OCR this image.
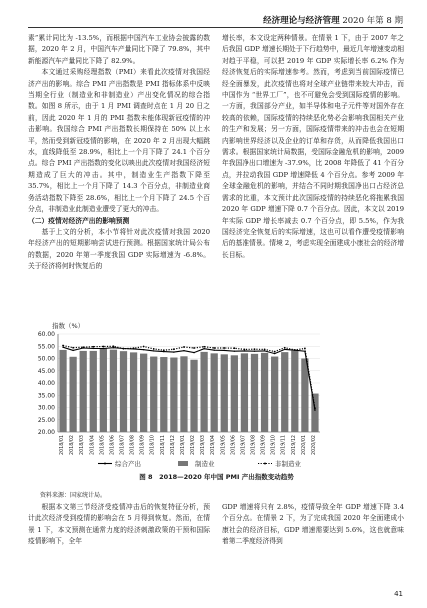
经济理论与经济管理 2020 年第 8 期

素”累计同比为 -13.5%，而根据中国汽车工业协会披露的数据，2020 年 2 月，中国汽车产量同比下降了 79.8%，其中新能源汽车产量同比下降了 82.9%。

本文通过采购经理指数（PMI）来看此次疫情对我国经济产出的影响。综合 PMI 产出指数是 PMI 指标体系中反映当期全行业（制造业和非制造业）产出变化情况的综合指数。如图 8 所示，由于 1 月 PMI 调查时点在 1 月 20 日之前，因此 2020 年 1 月的 PMI 指数未能体现新冠疫情的冲击影响。我国综合 PMI 产出指数长期保持在 50% 以上水平，然而受到新冠疫情的影响，在 2020 年 2 月出现大幅跳水，直线降低至 28.9%，相比上一个月下降了 24.1 个百分点。综合 PMI 产出指数的变化以映出此次疫情对我国经济短期造成了巨大的冲击。其中，制造业生产指数下降至 35.7%，相比上一个月下降了 14.3 个百分点，非制造业商务活动指数下降至 28.6%，相比上一个月下降了 24.5 个百分点，非制造业此制造业遭受了更大的冲击。

（二）疫情对经济产出的影响预测

基于上文的分析，本小节将针对此次疫情对我国 2020 年经济产出的短期影响尝试进行预测。根据国家统计局公布的数据，2020 年第一季度我国 GDP 实际增速为 -6.8%。关于经济将何时恢复后的

增长率，本文设定两种情景。在情景 1 下，由于 2007 年之后我国 GDP 增速长期处于下行趋势中，最近几年增速变动相对趋于平稳，可以把 2019 年 GDP 实际增长率 6.2% 作为经济恢复后的实际增速参考。然而，考虑到当前国际疫情已经全面暴发，此次疫情也将对全球产业链带来较大冲击，而中国作为 “世界工厂”，也不可避免会受到国际疫情的影响。一方面，我国部分产业，如半导体和电子元件等对国外存在较高的依赖，国际疫情的持续恶化势必会影响我国相关产业的生产和发展；另一方面，国际疫情带来的冲击也会在短期内影响世界经济以及企业的订单和存货，从而降低我国出口需求。根据国家统计局数据，受国际金融危机的影响，2009 年我国净出口增速为 -37.9%，比 2008 年降低了 41 个百分点，并拉动我国 GDP 增速降低 4 个百分点。参考 2009 年全球金融危机的影响，并结合不同时期我国净出口占经济总需求的比重，本文预计此次国际疫情的持续恶化将拖累我国 2020 年 GDP 增速下降 0.7 个百分点。因此，本文以 2019 年实际 GDP 增长率减去 0.7 个百分点，即 5.5%，作为我国经济完全恢复后的实际增速，这也可以看作遭受疫情影响后的基准情景。情境 2，考虑实现全面建成小康社会的经济增长目标。

指数（%）
20.00
25.00
30.00
35.00
40.00
45.00
50.00
55.00
60.00
2018/01 2018/02 2018/03 2018/04 2018/05 2018/06 2018/07 2018/08 2018/09 2018/10 2018/11 2018/12 2019/01 2019/02 2019/03 2019/04 2019/05 2019/06 2019/07 2019/08 2019/09 2019/10 2019/11 2019/12 2020/01 2020/02
综合产出	制造业	非制造业
图 8　2018—2020 年中国 PMI 产出指数变动趋势
资料来源：国家统计局。

根据本文第三节经济受疫情冲击后的恢复特征分析，预计此次经济受到疫情的影响会在 5 月得到恢复。然而，在情景 1 下，本文预测在通常力度的经济刺激政策的干预和国际疫情影响下，全年

GDP 增速将只有 2.8%，疫情导致全年 GDP 增速下降 3.4 个百分点。在情景 2 下，为了完成我国 2020 年全面建成小康社会的经济目标，GDP 增速需要达到 5.6%，这也就意味着第二季度经济得到

41
